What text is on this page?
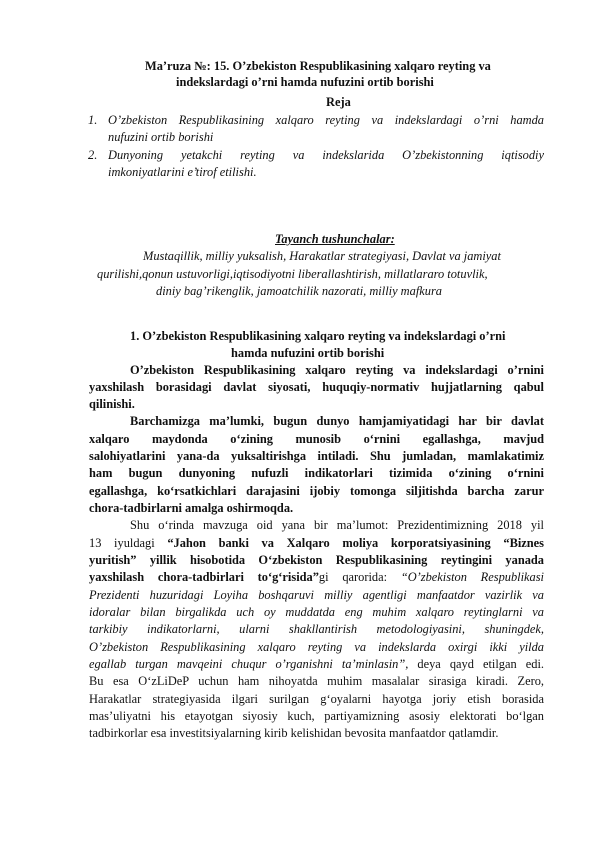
Ma’ruza №: 15. O’zbekiston Respublikasining xalqaro reyting va
indekslardagi o’rni hamda nufuzini ortib borishi
Reja
1. O’zbekiston Respublikasining xalqaro reyting va indekslardagi o’rni hamda
nufuzini ortib borishi
2. Dunyoning yetakchi reyting va indekslarida O’zbekistonning iqtisodiy
imkoniyatlarini e’tirof etilishi.
Tayanch tushunchalar:
Mustaqillik, milliy yuksalish, Harakatlar strategiyasi, Davlat va jamiyat
qurilishi,qonun ustuvorligi,iqtisodiyotni liberallashtirish, millatlararo totuvlik,
diniy bag’rikenglik, jamoatchilik nazorati, milliy mafkura
1. O’zbekiston Respublikasining xalqaro reyting va indekslardagi o’rni
hamda nufuzini ortib borishi
O’zbekiston Respublikasining xalqaro reyting va indekslardagi o’rnini
yaxshilash borasidagi davlat siyosati, huquqiy-normativ hujjatlarning qabul
qilinishi.
Barchamizga ma’lumki, bugun dunyo hamjamiyatidagi har bir davlat
xalqaro maydonda o‘zining munosib o‘rnini egallashga, mavjud
salohiyatlarini yana-da yuksaltirishga intiladi. Shu jumladan, mamlakatimiz
ham bugun dunyoning nufuzli indikatorlari tizimida o‘zining o‘rnini
egallashga, ko‘rsatkichlari darajasini ijobiy tomonga siljitishda barcha zarur
chora-tadbirlarni amalga oshirmoqda.
Shu o‘rinda mavzuga oid yana bir ma’lumot: Prezidentimizning 2018 yil
13 iyuldagi “Jahon banki va Xalqaro moliya korporatsiyasining “Biznes
yuritish” yillik hisobotida O‘zbekiston Respublikasining reytingini yanada
yaxshilash chora-tadbirlari to‘g‘risida”gi qarorida: “O’zbekiston Respublikasi
Prezidenti huzuridagi Loyiha boshqaruvi milliy agentligi manfaatdor vazirlik va
idoralar bilan birgalikda uch oy muddatda eng muhim xalqaro reytinglarni va
tarkibiy indikatorlarni, ularni shakllantirish metodologiyasini, shuningdek,
O’zbekiston Respublikasining xalqaro reyting va indekslarda oxirgi ikki yilda
egallab turgan mavqeini chuqur o’rganishni ta’minlasin”, deya qayd etilgan edi.
Bu esa O‘zLiDeP uchun ham nihoyatda muhim masalalar sirasiga kiradi. Zero,
Harakatlar strategiyasida ilgari surilgan g‘oyalarni hayotga joriy etish borasida
mas’uliyatni his etayotgan siyosiy kuch, partiyamizning asosiy elektorati bo‘lgan
tadbirkorlar esa investitsiyalarning kirib kelishidan bevosita manfaatdor qatlamdir.
